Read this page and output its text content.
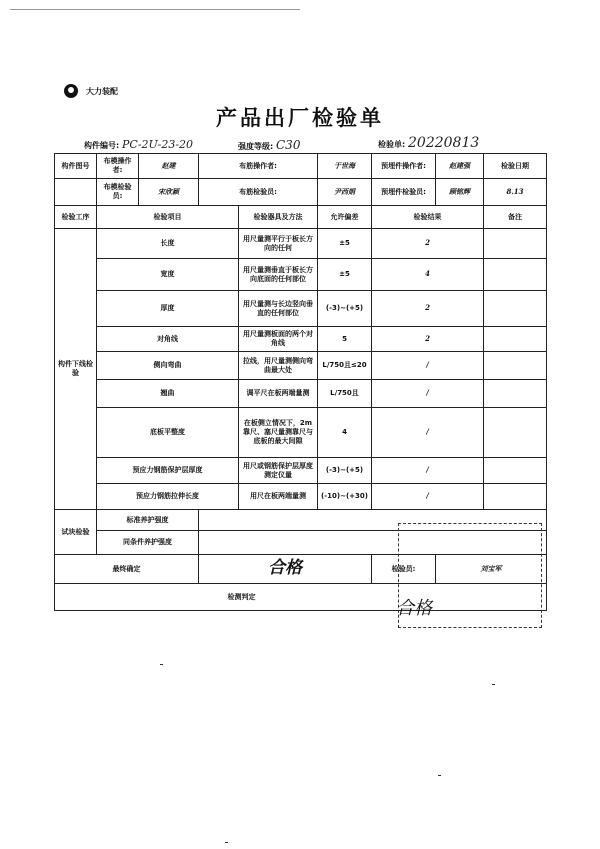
大力装配
产品出厂检验单
构件编号: PC-2U-23-20	强度等级: C30	检验单: 20220813
构件图号	布模操作者:	赵建	布筋操作者:		于世海	预埋件操作者:	赵建强	检验日期
	布模检验员:	宋欣颖	布筋检验员:		尹西娟	预埋件检验员:	顾铭辉	8.13
检验工序	检验项目			检验器具及方法	允许偏差	检验结果		备注
构件下线检验	长度			用尺量测平行于板长方向的任何	±5	2		
	宽度			用尺量测垂直于板长方向底面的任何部位	±5	4		
	厚度			用尺量测与长边竖向垂直的任何部位	(-3)~(+5)	2		
	对角线			用尺量测板面的两个对角线	5	2		
	侧向弯曲			拉线，用尺量测侧向弯曲最大处	L/750且≤20	/		
	翘曲			调平尺在板两端量测	L/750且	/		
	底板平整度			在板侧立情况下，2m靠尺、塞尺量测靠尺与底板的最大间隙	4	/		
	预应力钢筋保护层厚度			用尺或钢筋保护层厚度测定仪量	(-3)~(+5)	/		
	预应力钢筋拉伸长度			用尺在板两端量测	(-10)~(+30)	/		
试块检验	标准养护强度							
	同条件养护强度							
最终确定			合格			检验员:	刘宝军	
检测判定								
合格
